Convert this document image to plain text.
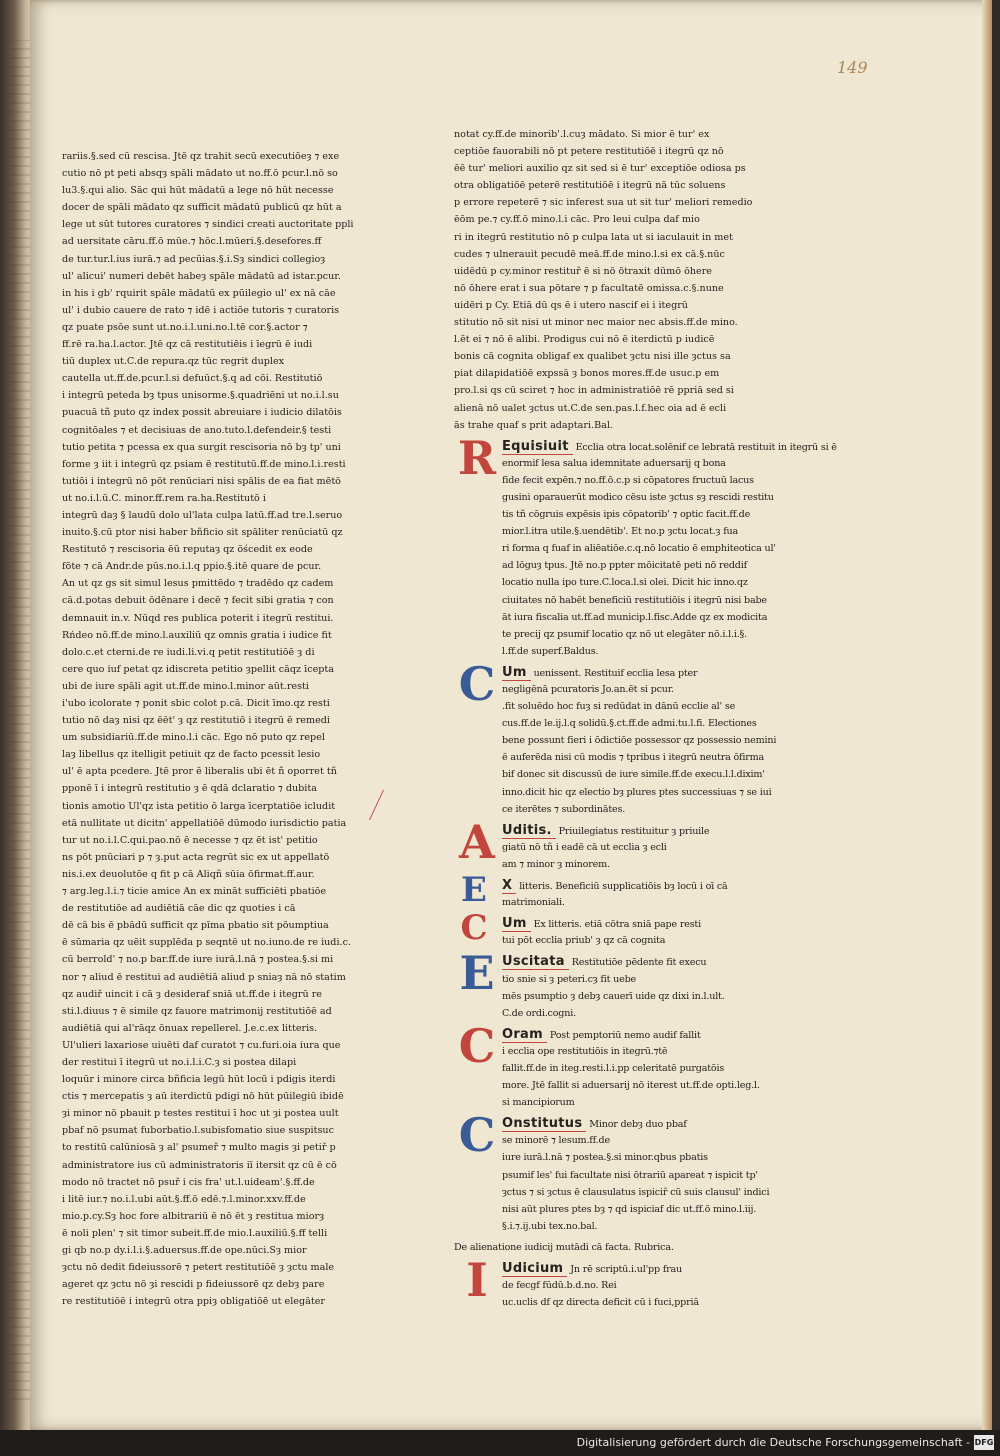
149
rariis.§.sed cū rescisa. Jtē qz trahit secū executiōeȝ ⁊ exe
cutio nō pt peti absqȝ spāli mādato ut no.ff.ō pcur.l.nō so
lu3.§.qui alio. Sāc qui hūt mādatū a lege nō hūt necesse
docer de spāli mādato qz sufficit mādatū publicū qz hūt a
lege ut sūt tutores curatores ⁊ sindici creati auctoritate ppli
ad uersitate cāru.ff.ō mūe.⁊ hōc.l.mūeri.§.desefores.ff
de tur.tur.l.ius iurā.⁊ ad pecūias.§.i.Sȝ sindici collegioȝ
ul' alicui' numeri debēt habeȝ spāle mādatū ad istar.pcur.
in his i gb' rquirit spāle mādatū ex pūilegio ul' ex nā cāe
ul' i dubio cauere de rato ⁊ idē i actiōe tutoris ⁊ curatoris
qz puate psōe sunt ut.no.i.l.uni.no.l.tē cor.§.actor ⁊
ff.rē ra.ha.l.actor. Jtē qz cā restitutiēis i īegrū ē iudi
tiū duplex ut.C.de repura.qz tūc regrit duplex
cautella ut.ff.de.pcur.l.si defuūct.§.q ad cōi. Restitutiō
i integrū peteda bȝ tpus unisorme.§.quadriēni ut no.i.l.su
puacuā tñ puto qz index possit abreuiare i iudicio dilatōis
cognitōales ⁊ et decisiuas de ano.tuto.l.defendeir.§ testi
tutio petita ⁊ pcessa ex qua surgit rescisoria nō bȝ tp' uni
forme ȝ iit i integrū qz psiam ē restitutū.ff.de mino.l.i.resti
tutiōi i integrū nō pōt renūciari nisi spālis de ea fiat mētō
ut no.i.l.ū.C. minor.ff.rem ra.ha.Restitutō i
integrū daȝ § laudū dolo ul'lata culpa latū.ff.ad tre.l.seruo
inuito.§.cū ptor nisi haber bñficio sit spāliter renūciatū qz
Restitutō ⁊ rescisoria ēū reputaȝ qz ōścedit ex eode
fōte ⁊ cā Andr.de pūs.no.i.l.q ppio.§.itē quare de pcur.
An ut qz gs sit simul lesus pmittēdo ⁊ tradēdo qz cadem
cā.d.potas debuit ōdēnare i decē ⁊ fecit sibi gratia ⁊ con
demnauit in.v. Nūqd res publica poterit i itegrū restitui.
Rńdeo nō.ff.de mino.l.auxiliū qz omnis gratia i iudice fit
dolo.c.et cterni.de re iudi.li.vi.q petit restitutiōē ȝ di
cere quo iuf petat qz idiscreta petitio ȝpellit cāqz īcepta
ubi de iure spāli agit ut.ff.de mino.l.minor aūt.resti
i'ubo icolorate ⁊ ponit sbic colot p.cā. Dicit īmo.qz resti
tutio nō daȝ nisi qz ēēt' ȝ qz restitutiō i itegrū ē remedi
um subsidiariū.ff.de mino.l.i cāc. Ego nō puto qz repel
laȝ libellus qz itelligit petiuit qz de facto pcessit lesio
ul' ē apta pcedere. Jtē pror ē liberalis ubi ēt ñ oporret tñ
pponē ī i integrū restitutio ȝ ē qdā dclaratio ⁊ dubita
tionis amotio Ul'qz ista petitio ō larga īcerptatiōe icludit
etā nullitate ut dicitn' appellatiōē dūmodo iurisdictio patia
tur ut no.i.l.C.qui.pao.nō ē necesse ⁊ qz ēt ist' petitio
ns pōt pnūciari p ⁊ ȝ.put acta regrūt sic ex ut appellatō
nis.i.ex deuolutōe q fit p cā Aliqñ sūia ōfirmat.ff.aur.
⁊ arg.leg.l.i.⁊ ticie amice An ex mināt sufficiēti pbatiōe
de restitutiōe ad audiētiā cāe dic qz quoties i cā
dē cā bis ē pbādū sufficit qz pīma pbatio sit pōumptiua
ē sūmaria qz uēit supplēda p seqntē ut no.iuno.de re iudi.c.
cū berrold' ⁊ no.p bar.ff.de iure iurā.l.nā ⁊ postea.§.si mi
nor ⁊ aliud ē restitui ad audiētiā aliud p sniaȝ nā nō statim
qz audiř uincit i cā ȝ desideraf sniā ut.ff.de i itegrū re
sti.l.diuus ⁊ ē simile qz fauore matrimonij restitutiōē ad
audiētiā qui al'rāqz ōnuax repellerel. J.e.c.ex litteris.
Ul'ulieri laxariose uiuēti daf curatot ⁊ cu.furi.oia iura que
der restitui ī itegrū ut no.i.l.i.C.ȝ si postea dilapi
loquūr i minore circa bñficia legū hūt locū i pdigis iterdi
ctis ⁊ mercepatis ȝ aū iterdictū pdigi nō hūt pūilegiū ibidē
ȝi minor nō pbauit p testes restitui ī hoc ut ȝi postea uult
pbaf nō psumat fuborbatio.l.subisfomatio siue suspitsuc
to restitū calūniosā ȝ al' psumeř ⁊ multo magis ȝi petiř p
administratore ius cū administratoris iī itersit qz cū ē cō
modo nō tractet nō psuř i cis fra' ut.l.uideam'.§.ff.de
i litē iur.⁊ no.i.l.ubi aūt.§.ff.ō edē.⁊.l.minor.xxv.ff.de
mio.p.cy.Sȝ hoc fore albitrariū ē nō ēt ȝ restitua miorȝ
ē noli plen' ⁊ sit timor subeit.ff.de mio.l.auxiliū.§.ff telli
gi qb no.p dy.i.l.i.§.aduersus.ff.de ope.nūci.Sȝ mior
ȝctu nō dedit fideiussorē ⁊ petert restitutiōē ȝ ȝctu male
ageret qz ȝctu nō ȝi rescidi p fideiussorē qz debȝ pare
re restitutiōē i integrū otra ppiȝ obligatiōē ut elegāter
notat cy.ff.de minorib'.l.cuȝ mādato. Si mior ē tur' ex
ceptiōe fauorabili nō pt petere restitutiōē i itegrū qz nō
ēē tur' meliori auxilio qz sit sed si ē tur' exceptiōe odiosa ps
otra obligatiōē peterē restitutiōē i itegrū nā tūc soluens
p errore repeterē ⁊ sic inferest sua ut sit tur' meliori remedio
ēōm pe.⁊ cy.ff.ō mino.l.i cāc. Pro leui culpa daf mio
ri in itegrū restitutio nō p culpa lata ut si iaculauit in met
cudes ⁊ ulnerauit pecudē meā.ff.de mino.l.si ex cā.§.nūc
uidēdū p cy.minor restituř ē si nō ōtraxit dūmō ōhere
nō ōhere erat i sua pōtare ⁊ p facultatē omissa.c.§.nune
uidēri p Cy. Etiā dū qs ē i utero nascif ei i itegrū
stitutio nō sit nisi ut minor nec maior nec absis.ff.de mino.
l.ēt ei ⁊ nō ē alibi. Prodigus cui nō ē iterdictū p iudicē
bonis cā cognita obligaf ex qualibet ȝctu nisi ille ȝctus sa
piat dilapidatiōē expssā ȝ bonos mores.ff.de usuc.p em
pro.l.si qs cū sciret ⁊ hoc in administratiōē rē ppriā sed si
alienā nō ualet ȝctus ut.C.de sen.pas.l.f.hec oia ad ē ecli
ās trahe quaf s prit adaptari.Bal.
R Equisiuit Ecclia otra locat.solēnif ce lebratā restituit in itegrū si ē
enormif lesa salua idemnitate aduersarij q bona
fide fecit expēn.⁊ no.ff.ō.c.p si cōpatores fructuū lacus
gusini oparauerūt modico cēsu iste ȝctus sȝ rescidi restitu
tis tñ cōgruis expēsis ipis cōpatorib' ⁊ optic facit.ff.de
mior.l.itra utile.§.uendētib'. Et no.p ȝctu locat.ȝ fua
ri forma q fuaf in aliēatiōe.c.q.nō locatio ē emphiteotica ul'
ad lōguȝ tpus. Jtē no.p ppter mōicitatē peti nō reddif
locatio nulla ipo ture.C.loca.l.si olei. Dicit hic inno.qz
ciuitates nō habēt beneficiū restitutiōis i itegrū nisi babe
āt iura fiscalia ut.ff.ad municip.l.fisc.Adde qz ex modicita
te precij qz psumif locatio qz nō ut elegāter nō.i.l.i.§.
l.ff.de superf.Baldus.
C Um uenissent. Restituif ecclia lesa pter
negligēnā pcuratoris Jo.an.ēt si pcur.
.fit soluēdo hoc fuȝ si redūdat in dānū ecclie al' se
cus.ff.de le.ij.l.q solidū.§.ct.ff.de admi.tu.l.fi. Electiones
bene possunt fieri i ōdictiōe possessor qz possessio nemini
ē auferēda nisi cū modis ⁊ tpribus i itegrū neutra ōfirma
bif donec sit discussū de iure simile.ff.de execu.l.l.dixim'
inno.dicit hic qz electio bȝ plures ptes successiuas ⁊ se iui
ce iterētes ⁊ subordinātes.
A Uditis. Priuilegiatus restituitur ȝ priuile
giatū nō tñ i eadē cā ut ecclia ȝ ecli
am ⁊ minor ȝ minorem.
E	X litteris. Beneficiū supplicatiōis bȝ locū i oī cā
matrimoniali.
C	Um Ex litteris. etiā cōtra sniā pape resti
tui pōt ecclia priub' ȝ qz cā cognita
E Uscitata Restitutiōe pēdente fit execu
tio snie si ȝ peteri.cȝ fit uebe
mēs psumptio ȝ debȝ cauerī uide qz dixi in.l.ult.
C.de ordi.cogni.
C Oram Post pemptoriū nemo audif fallit
i ecclia ope restitutiōis in itegrū.⁊tē
fallit.ff.de in iteg.resti.l.i.pp celeritatē purgatōis
more. Jtē fallit si aduersarij nō iterest ut.ff.de opti.leg.l.
si mancipiorum
C Onstitutus Minor debȝ duo pbaf
se minorē ⁊ lesum.ff.de
iure iurā.l.nā ⁊ postea.§.si minor.qbus pbatis
psumif les' fui facultate nisi ōtrariū apareat ⁊ ispicit tp'
ȝctus ⁊ si ȝctus ē clausulatus ispiciř cū suis clausul' indici
nisi aūt plures ptes bȝ ⁊ qd ispiciaf dic ut.ff.ō mino.l.iij.
§.i.⁊.ij.ubi tex.no.bal.
De alienatione iudicij mutādi cā facta. Rubrica.
I	Udicium Jn rē scriptū.i.ul'pp frau
de fecgf fūdū.b.d.no. Rei
uc.uclis df qz directa deficit cū i fuci,ppriā
Digitalisierung gefördert durch die Deutsche Forschungsgemeinschaft - DFG
